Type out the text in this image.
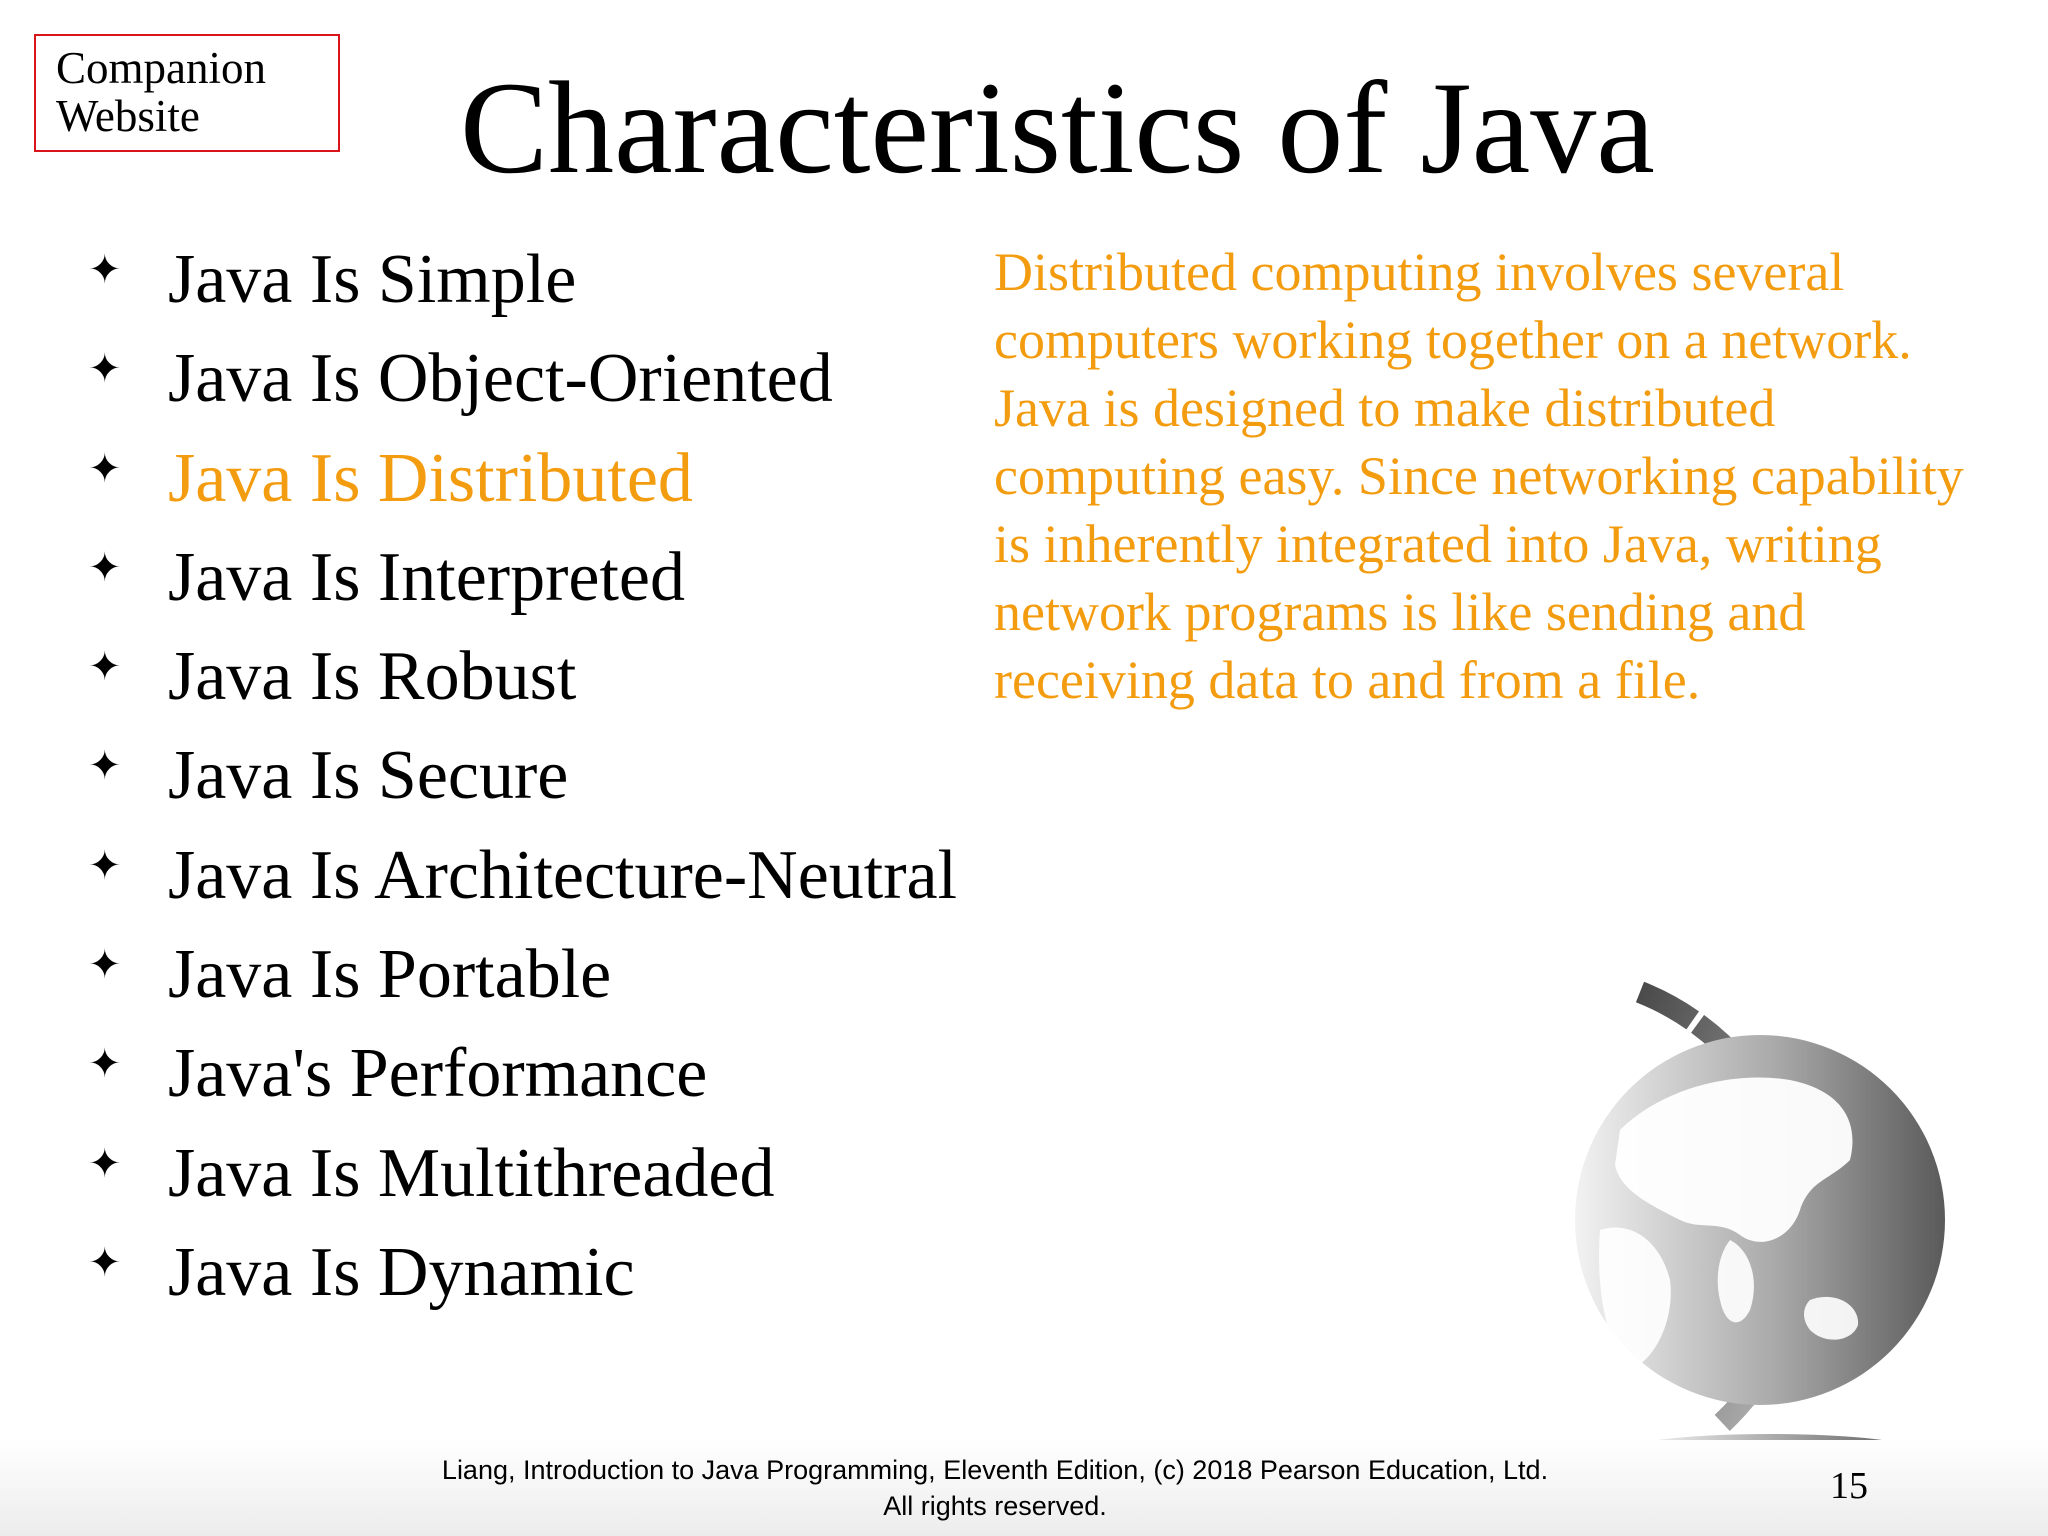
Companion
Website	Characteristics of Java
✦ Java Is Simple
✦ Java Is Object-Oriented
✦ Java Is Distributed
✦ Java Is Interpreted
✦ Java Is Robust
✦ Java Is Secure
✦ Java Is Architecture-Neutral
✦ Java Is Portable
✦ Java's Performance
✦ Java Is Multithreaded
✦ Java Is Dynamic

Distributed computing involves several computers working together on a network. Java is designed to make distributed computing easy. Since networking capability is inherently integrated into Java, writing network programs is like sending and receiving data to and from a file.

Liang, Introduction to Java Programming, Eleventh Edition, (c) 2018 Pearson Education, Ltd.
All rights reserved.	15
